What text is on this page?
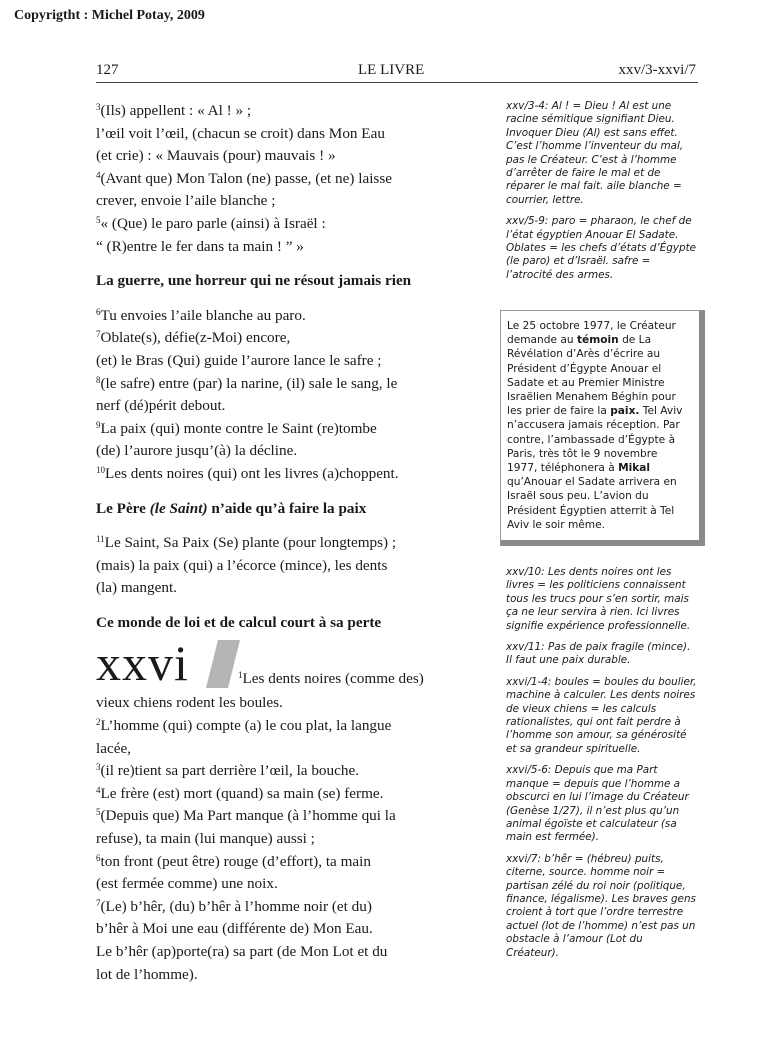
Copyrigtht : Michel Potay, 2009
127	LE LIVRE	xxv/3-xxvi/7

$^3$(Ils) appellent : « Al ! » ;

l’œil voit l’œil, (chacun se croit) dans Mon Eau

(et crie) : « Mauvais (pour) mauvais ! »

$^4$(Avant que) Mon Talon (ne) passe, (et ne) laisse

crever, envoie l’aile blanche ;

$^5$« (Que) le paro parle (ainsi) à Israël :

“ (R)entre le fer dans ta main ! ” »

La guerre, une horreur qui ne résout jamais rien

$^6$Tu envoies l’aile blanche au paro.

$^7$Oblate(s), défie(z-Moi) encore,

(et) le Bras (Qui) guide l’aurore lance le safre ;

$^8$(le safre) entre (par) la narine, (il) sale le sang, le

nerf (dé)périt debout.

$^9$La paix (qui) monte contre le Saint (re)tombe

(de) l’aurore jusqu’(à) la décline.

$^{10}$Les dents noires (qui) ont les livres (a)choppent.

Le Père (le Saint) n’aide qu’à faire la paix

$^{11}$Le Saint, Sa Paix (Se) plante (pour longtemps) ;

(mais) la paix (qui) a l’écorce (mince), les dents

(la) mangent.

Ce monde de loi et de calcul court à sa perte

xxvi	$^1$Les dents noires (comme des)

vieux chiens rodent les boules.

$^2$L’homme (qui) compte (a) le cou plat, la langue

lacée,

$^3$(il re)tient sa part derrière l’œil, la bouche.

$^4$Le frère (est) mort (quand) sa main (se) ferme.

$^5$(Depuis que) Ma Part manque (à l’homme qui la

refuse), ta main (lui manque) aussi ;

$^6$ton front (peut être) rouge (d’effort), ta main

(est fermée comme) une noix.

$^7$(Le) b’hêr, (du) b’hêr à l’homme noir (et du)

b’hêr à Moi une eau (différente de) Mon Eau.

Le b’hêr (ap)porte(ra) sa part (de Mon Lot et du

lot de l’homme).

xxv/3-4: Al ! = Dieu ! Al est une racine sémitique signifiant Dieu. Invoquer Dieu (Al) est sans effet. C’est l’homme l’inventeur du mal, pas le Créateur. C’est à l’homme d’arrêter de faire le mal et de réparer le mal fait. aile blanche = courrier, lettre.

xxv/5-9: paro = pharaon, le chef de l’état égyptien Anouar El Sadate. Oblates = les chefs d’états d’Égypte (le paro) et d’Israël. safre = l’atrocité des armes.

Le 25 octobre 1977, le Créateur demande au témoin de La Révélation d’Arès d’écrire au Président d’Égypte Anouar el Sadate et au Premier Ministre Israëlien Menahem Béghin pour les prier de faire la paix. Tel Aviv n’accusera jamais réception. Par contre, l’ambassade d’Égypte à Paris, très tôt le 9 novembre 1977, téléphonera à Mikal qu’Anouar el Sadate arrivera en Israël sous peu. L’avion du Président Égyptien atterrit à Tel Aviv le soir même.

xxv/10: Les dents noires ont les livres = les politiciens connaissent tous les trucs pour s’en sortir, mais ça ne leur servira à rien. Ici livres signifie expérience professionnelle.

xxv/11: Pas de paix fragile (mince). Il faut une paix durable.

xxvi/1-4: boules = boules du boulier, machine à calculer. Les dents noires de vieux chiens = les calculs rationalistes, qui ont fait perdre à l’homme son amour, sa générosité et sa grandeur spirituelle.

xxvi/5-6: Depuis que ma Part manque = depuis que l’homme a obscurci en lui l’image du Créateur (Genèse 1/27), il n’est plus qu’un animal égoïste et calculateur (sa main est fermée).

xxvi/7: b’hêr = (hébreu) puits, citerne, source. homme noir = partisan zélé du roi noir (politique, finance, légalisme). Les braves gens croient à tort que l’ordre terrestre actuel (lot de l’homme) n’est pas un obstacle à l’amour (Lot du Créateur).
